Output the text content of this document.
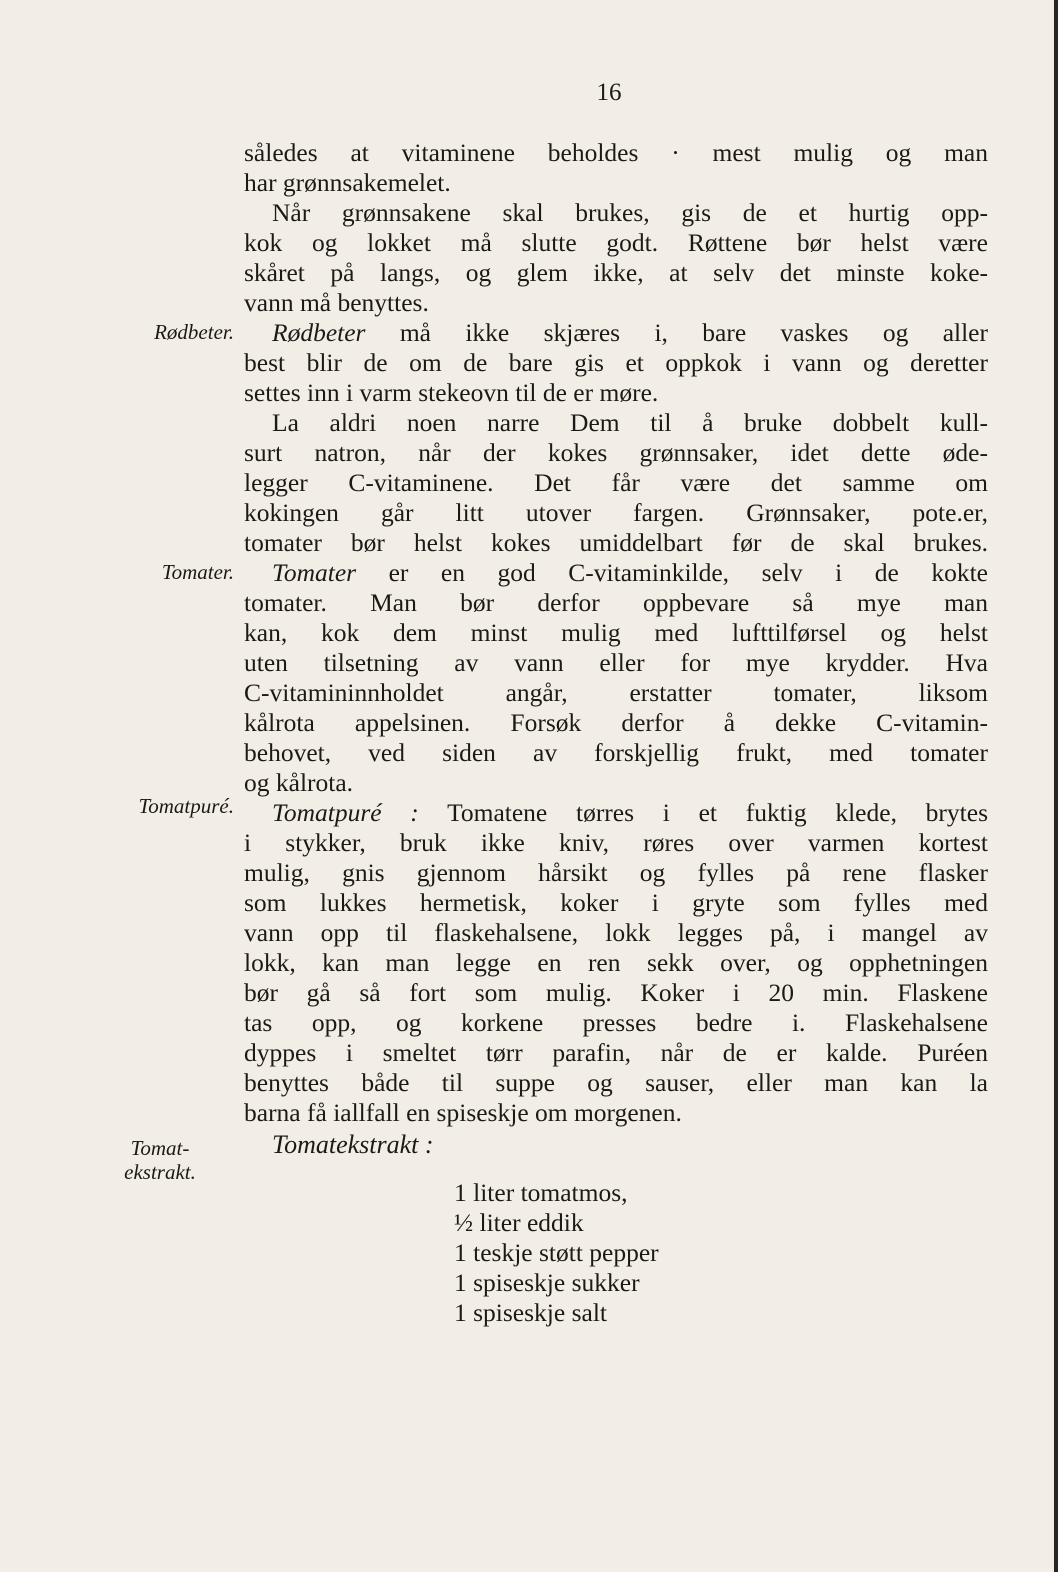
16
Rødbeter.
Tomater.
Tomatpuré.
Tomat-
ekstrakt.
således at vitaminene beholdes · mest mulig og man
har grønnsakemelet.
Når grønnsakene skal brukes, gis de et hurtig opp-
kok og lokket må slutte godt. Røttene bør helst være
skåret på langs, og glem ikke, at selv det minste koke-
vann må benyttes.
Rødbeter må ikke skjæres i, bare vaskes og aller
best blir de om de bare gis et oppkok i vann og deretter
settes inn i varm stekeovn til de er møre.
La aldri noen narre Dem til å bruke dobbelt kull-
surt natron, når der kokes grønnsaker, idet dette øde-
legger C-vitaminene. Det får være det samme om
kokingen går litt utover fargen. Grønnsaker, pote.er,
tomater bør helst kokes umiddelbart før de skal brukes.
Tomater er en god C-vitaminkilde, selv i de kokte
tomater. Man bør derfor oppbevare så mye man
kan, kok dem minst mulig med lufttilførsel og helst
uten tilsetning av vann eller for mye krydder. Hva
C-vitamininnholdet angår, erstatter tomater, liksom
kålrota appelsinen. Forsøk derfor å dekke C-vitamin-
behovet, ved siden av forskjellig frukt, med tomater
og kålrota.
Tomatpuré : Tomatene tørres i et fuktig klede, brytes
i stykker, bruk ikke kniv, røres over varmen kortest
mulig, gnis gjennom hårsikt og fylles på rene flasker
som lukkes hermetisk, koker i gryte som fylles med
vann opp til flaskehalsene, lokk legges på, i mangel av
lokk, kan man legge en ren sekk over, og opphetningen
bør gå så fort som mulig. Koker i 20 min. Flaskene
tas opp, og korkene presses bedre i. Flaskehalsene
dyppes i smeltet tørr parafin, når de er kalde. Puréen
benyttes både til suppe og sauser, eller man kan la
barna få iallfall en spiseskje om morgenen.
Tomatekstrakt :
1 liter tomatmos,
½ liter eddik
1 teskje støtt pepper
1 spiseskje sukker
1 spiseskje salt
